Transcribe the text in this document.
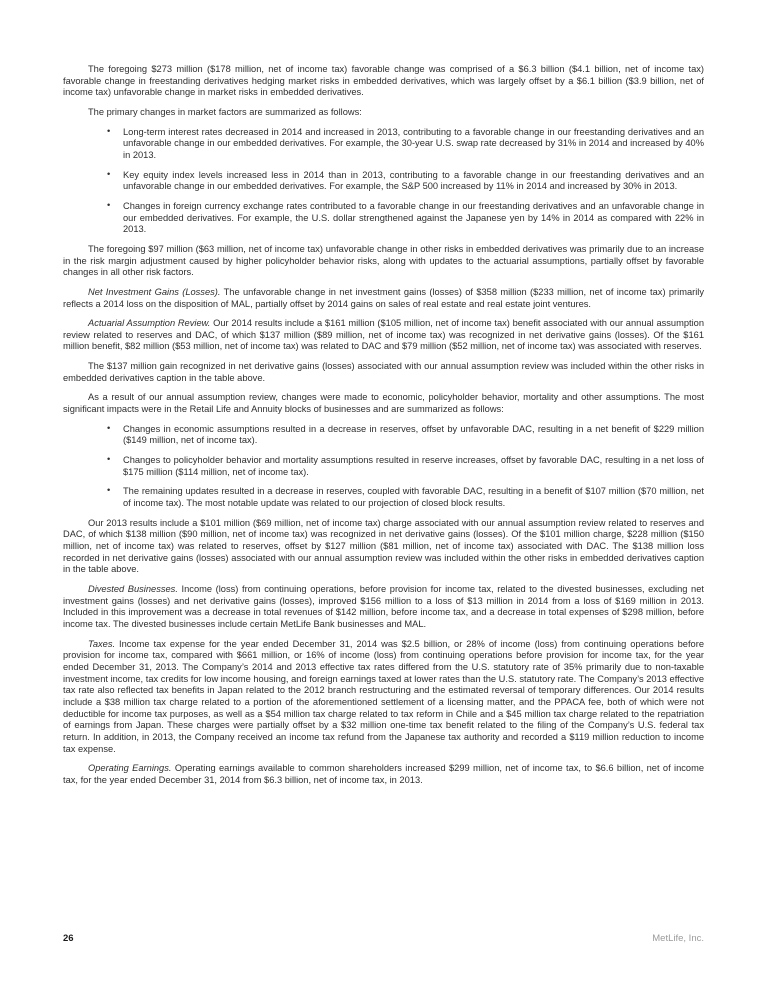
The foregoing $273 million ($178 million, net of income tax) favorable change was comprised of a $6.3 billion ($4.1 billion, net of income tax) favorable change in freestanding derivatives hedging market risks in embedded derivatives, which was largely offset by a $6.1 billion ($3.9 billion, net of income tax) unfavorable change in market risks in embedded derivatives.

The primary changes in market factors are summarized as follows:

• Long-term interest rates decreased in 2014 and increased in 2013, contributing to a favorable change in our freestanding derivatives and an unfavorable change in our embedded derivatives. For example, the 30-year U.S. swap rate decreased by 31% in 2014 and increased by 40% in 2013.
• Key equity index levels increased less in 2014 than in 2013, contributing to a favorable change in our freestanding derivatives and an unfavorable change in our embedded derivatives. For example, the S&P 500 increased by 11% in 2014 and increased by 30% in 2013.
• Changes in foreign currency exchange rates contributed to a favorable change in our freestanding derivatives and an unfavorable change in our embedded derivatives. For example, the U.S. dollar strengthened against the Japanese yen by 14% in 2014 as compared with 22% in 2013.

The foregoing $97 million ($63 million, net of income tax) unfavorable change in other risks in embedded derivatives was primarily due to an increase in the risk margin adjustment caused by higher policyholder behavior risks, along with updates to the actuarial assumptions, partially offset by favorable changes in all other risk factors.

Net Investment Gains (Losses). The unfavorable change in net investment gains (losses) of $358 million ($233 million, net of income tax) primarily reflects a 2014 loss on the disposition of MAL, partially offset by 2014 gains on sales of real estate and real estate joint ventures.

Actuarial Assumption Review. Our 2014 results include a $161 million ($105 million, net of income tax) benefit associated with our annual assumption review related to reserves and DAC, of which $137 million ($89 million, net of income tax) was recognized in net derivative gains (losses). Of the $161 million benefit, $82 million ($53 million, net of income tax) was related to DAC and $79 million ($52 million, net of income tax) was associated with reserves.

The $137 million gain recognized in net derivative gains (losses) associated with our annual assumption review was included within the other risks in embedded derivatives caption in the table above.

As a result of our annual assumption review, changes were made to economic, policyholder behavior, mortality and other assumptions. The most significant impacts were in the Retail Life and Annuity blocks of businesses and are summarized as follows:

• Changes in economic assumptions resulted in a decrease in reserves, offset by unfavorable DAC, resulting in a net benefit of $229 million ($149 million, net of income tax).
• Changes to policyholder behavior and mortality assumptions resulted in reserve increases, offset by favorable DAC, resulting in a net loss of $175 million ($114 million, net of income tax).
• The remaining updates resulted in a decrease in reserves, coupled with favorable DAC, resulting in a benefit of $107 million ($70 million, net of income tax). The most notable update was related to our projection of closed block results.

Our 2013 results include a $101 million ($69 million, net of income tax) charge associated with our annual assumption review related to reserves and DAC, of which $138 million ($90 million, net of income tax) was recognized in net derivative gains (losses). Of the $101 million charge, $228 million ($150 million, net of income tax) was related to reserves, offset by $127 million ($81 million, net of income tax) associated with DAC. The $138 million loss recorded in net derivative gains (losses) associated with our annual assumption review was included within the other risks in embedded derivatives caption in the table above.

Divested Businesses. Income (loss) from continuing operations, before provision for income tax, related to the divested businesses, excluding net investment gains (losses) and net derivative gains (losses), improved $156 million to a loss of $13 million in 2014 from a loss of $169 million in 2013. Included in this improvement was a decrease in total revenues of $142 million, before income tax, and a decrease in total expenses of $298 million, before income tax. The divested businesses include certain MetLife Bank businesses and MAL.

Taxes. Income tax expense for the year ended December 31, 2014 was $2.5 billion, or 28% of income (loss) from continuing operations before provision for income tax, compared with $661 million, or 16% of income (loss) from continuing operations before provision for income tax, for the year ended December 31, 2013. The Company’s 2014 and 2013 effective tax rates differed from the U.S. statutory rate of 35% primarily due to non-taxable investment income, tax credits for low income housing, and foreign earnings taxed at lower rates than the U.S. statutory rate. The Company’s 2013 effective tax rate also reflected tax benefits in Japan related to the 2012 branch restructuring and the estimated reversal of temporary differences. Our 2014 results include a $38 million tax charge related to a portion of the aforementioned settlement of a licensing matter, and the PPACA fee, both of which were not deductible for income tax purposes, as well as a $54 million tax charge related to tax reform in Chile and a $45 million tax charge related to the repatriation of earnings from Japan. These charges were partially offset by a $32 million one-time tax benefit related to the filing of the Company’s U.S. federal tax return. In addition, in 2013, the Company received an income tax refund from the Japanese tax authority and recorded a $119 million reduction to income tax expense.

Operating Earnings. Operating earnings available to common shareholders increased $299 million, net of income tax, to $6.6 billion, net of income tax, for the year ended December 31, 2014 from $6.3 billion, net of income tax, in 2013.

26	MetLife, Inc.
